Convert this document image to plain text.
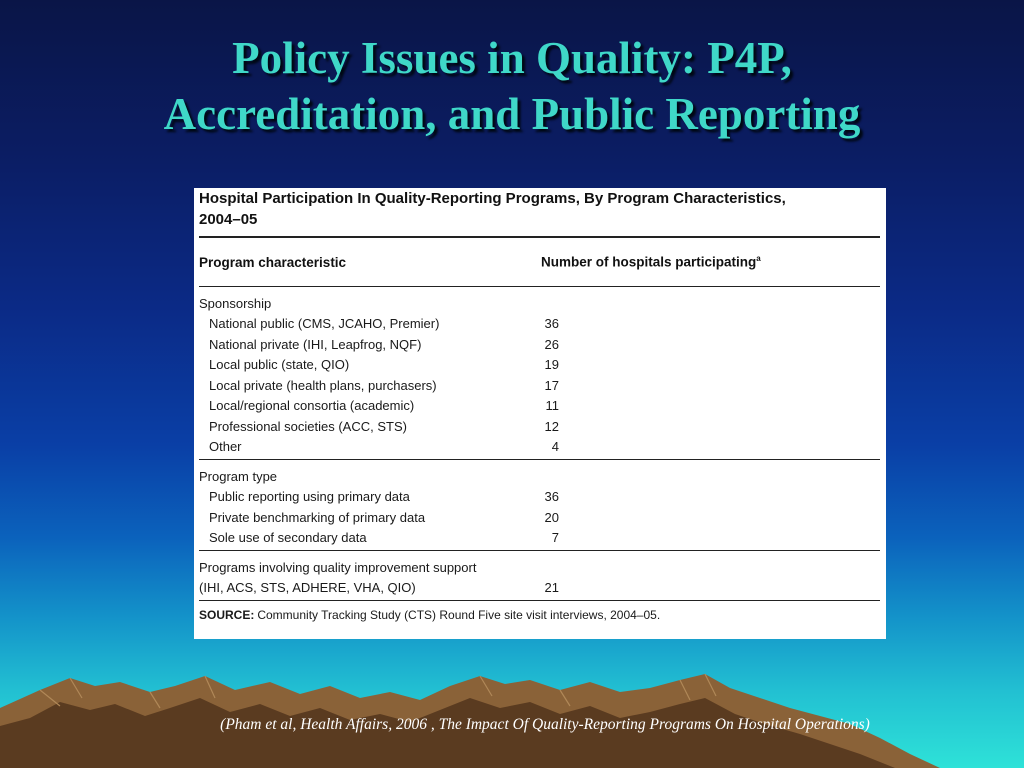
Policy Issues in Quality: P4P,
Accreditation, and Public Reporting
Hospital Participation In Quality-Reporting Programs, By Program Characteristics,
2004–05
Program characteristic	Number of hospitals participating$^a$
Sponsorship
National public (CMS, JCAHO, Premier)	36
National private (IHI, Leapfrog, NQF)	26
Local public (state, QIO)	19
Local private (health plans, purchasers)	17
Local/regional consortia (academic)	11
Professional societies (ACC, STS)	12
Other	4
Program type
Public reporting using primary data	36
Private benchmarking of primary data	20
Sole use of secondary data	7
Programs involving quality improvement support
(IHI, ACS, STS, ADHERE, VHA, QIO)	21
SOURCE: Community Tracking Study (CTS) Round Five site visit interviews, 2004–05.
(Pham et al, Health Affairs, 2006 , The Impact Of Quality-Reporting Programs On Hospital Operations)
